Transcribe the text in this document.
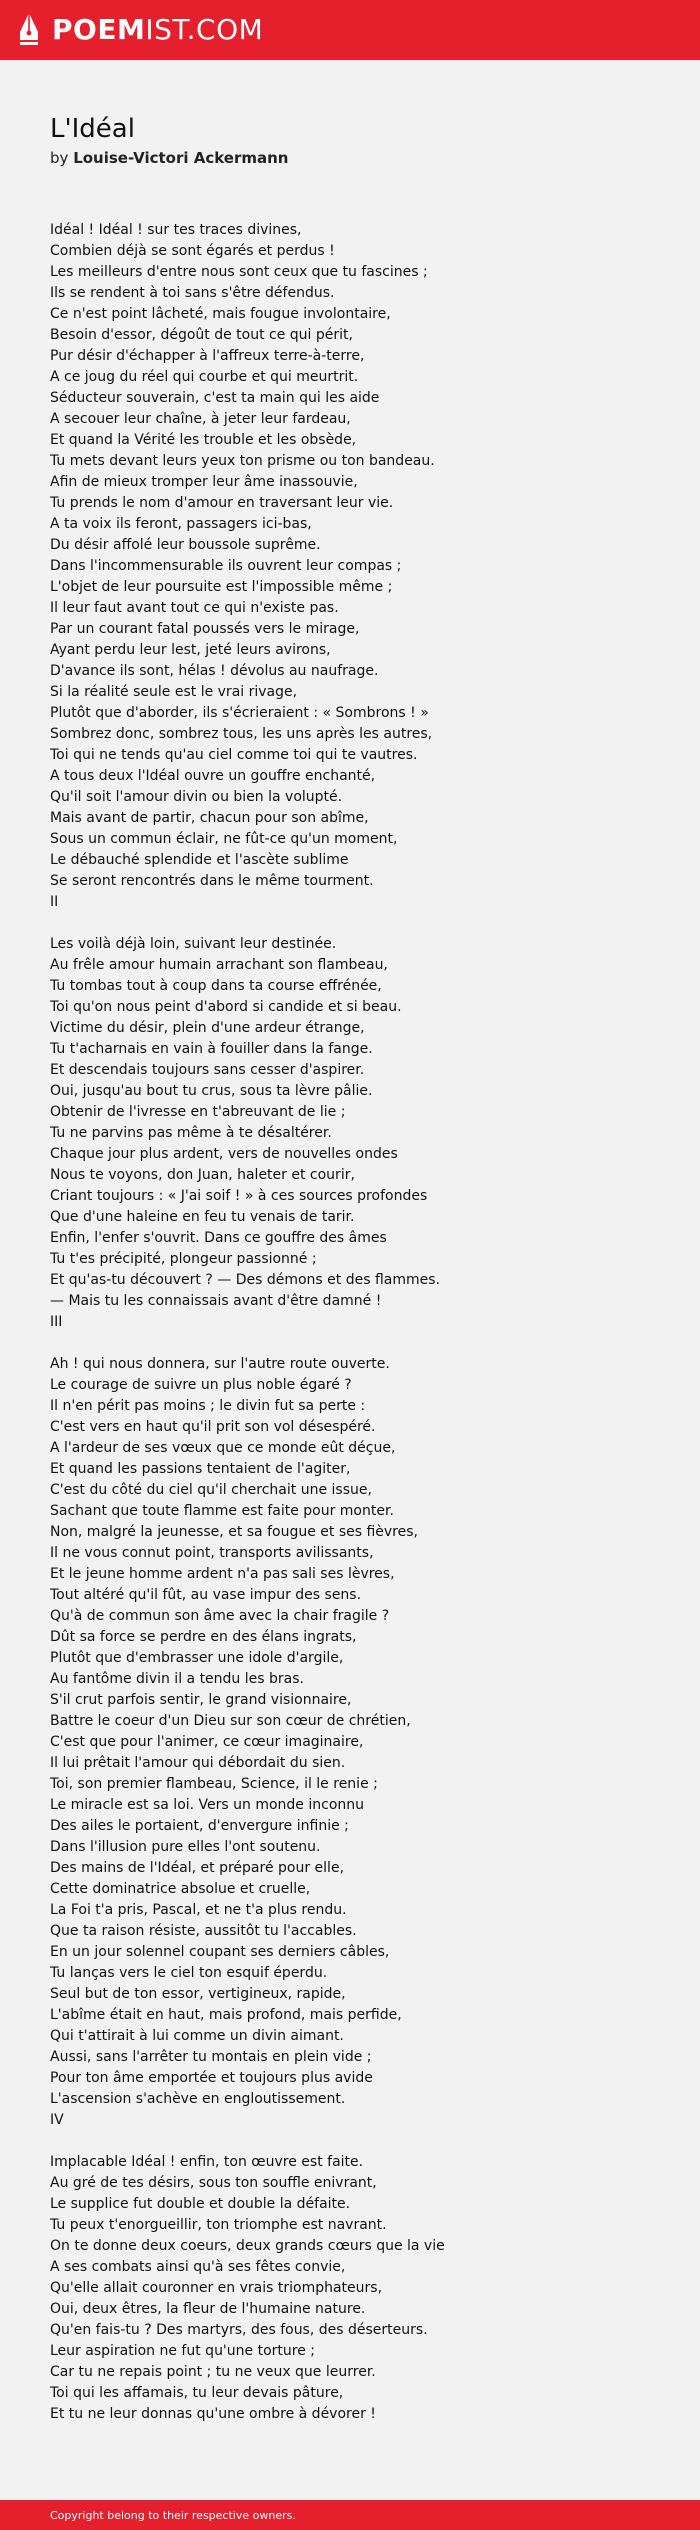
POEMIST.COM
L'Idéal
by Louise-Victori Ackermann
Idéal ! Idéal ! sur tes traces divines,
Combien déjà se sont égarés et perdus !
Les meilleurs d'entre nous sont ceux que tu fascines ;
Ils se rendent à toi sans s'être défendus.
Ce n'est point lâcheté, mais fougue involontaire,
Besoin d'essor, dégoût de tout ce qui périt,
Pur désir d'échapper à l'affreux terre-à-terre,
A ce joug du réel qui courbe et qui meurtrit.
Séducteur souverain, c'est ta main qui les aide
A secouer leur chaîne, à jeter leur fardeau,
Et quand la Vérité les trouble et les obsède,
Tu mets devant leurs yeux ton prisme ou ton bandeau.
Afin de mieux tromper leur âme inassouvie,
Tu prends le nom d'amour en traversant leur vie.
A ta voix ils feront, passagers ici-bas,
Du désir affolé leur boussole suprême.
Dans l'incommensurable ils ouvrent leur compas ;
L'objet de leur poursuite est l'impossible même ;
Il leur faut avant tout ce qui n'existe pas.
Par un courant fatal poussés vers le mirage,
Ayant perdu leur lest, jeté leurs avirons,
D'avance ils sont, hélas ! dévolus au naufrage.
Si la réalité seule est le vrai rivage,
Plutôt que d'aborder, ils s'écrieraient : « Sombrons ! »
Sombrez donc, sombrez tous, les uns après les autres,
Toi qui ne tends qu'au ciel comme toi qui te vautres.
A tous deux l'Idéal ouvre un gouffre enchanté,
Qu'il soit l'amour divin ou bien la volupté.
Mais avant de partir, chacun pour son abîme,
Sous un commun éclair, ne fût-ce qu'un moment,
Le débauché splendide et l'ascète sublime
Se seront rencontrés dans le même tourment.
II
Les voilà déjà loin, suivant leur destinée.
Au frêle amour humain arrachant son flambeau,
Tu tombas tout à coup dans ta course effrénée,
Toi qu'on nous peint d'abord si candide et si beau.
Victime du désir, plein d'une ardeur étrange,
Tu t'acharnais en vain à fouiller dans la fange.
Et descendais toujours sans cesser d'aspirer.
Oui, jusqu'au bout tu crus, sous ta lèvre pâlie.
Obtenir de l'ivresse en t'abreuvant de lie ;
Tu ne parvins pas même à te désaltérer.
Chaque jour plus ardent, vers de nouvelles ondes
Nous te voyons, don Juan, haleter et courir,
Criant toujours : « J'ai soif ! » à ces sources profondes
Que d'une haleine en feu tu venais de tarir.
Enfin, l'enfer s'ouvrit. Dans ce gouffre des âmes
Tu t'es précipité, plongeur passionné ;
Et qu'as-tu découvert ? — Des démons et des flammes.
— Mais tu les connaissais avant d'être damné !
III
Ah ! qui nous donnera, sur l'autre route ouverte.
Le courage de suivre un plus noble égaré ?
Il n'en périt pas moins ; le divin fut sa perte :
C'est vers en haut qu'il prit son vol désespéré.
A l'ardeur de ses vœux que ce monde eût déçue,
Et quand les passions tentaient de l'agiter,
C'est du côté du ciel qu'il cherchait une issue,
Sachant que toute flamme est faite pour monter.
Non, malgré la jeunesse, et sa fougue et ses fièvres,
Il ne vous connut point, transports avilissants,
Et le jeune homme ardent n'a pas sali ses lèvres,
Tout altéré qu'il fût, au vase impur des sens.
Qu'à de commun son âme avec la chair fragile ?
Dût sa force se perdre en des élans ingrats,
Plutôt que d'embrasser une idole d'argile,
Au fantôme divin il a tendu les bras.
S'il crut parfois sentir, le grand visionnaire,
Battre le coeur d'un Dieu sur son cœur de chrétien,
C'est que pour l'animer, ce cœur imaginaire,
Il lui prêtait l'amour qui débordait du sien.
Toi, son premier flambeau, Science, il le renie ;
Le miracle est sa loi. Vers un monde inconnu
Des ailes le portaient, d'envergure infinie ;
Dans l'illusion pure elles l'ont soutenu.
Des mains de l'Idéal, et préparé pour elle,
Cette dominatrice absolue et cruelle,
La Foi t'a pris, Pascal, et ne t'a plus rendu.
Que ta raison résiste, aussitôt tu l'accables.
En un jour solennel coupant ses derniers câbles,
Tu lanças vers le ciel ton esquif éperdu.
Seul but de ton essor, vertigineux, rapide,
L'abîme était en haut, mais profond, mais perfide,
Qui t'attirait à lui comme un divin aimant.
Aussi, sans l'arrêter tu montais en plein vide ;
Pour ton âme emportée et toujours plus avide
L'ascension s'achève en engloutissement.
IV
Implacable Idéal ! enfin, ton œuvre est faite.
Au gré de tes désirs, sous ton souffle enivrant,
Le supplice fut double et double la défaite.
Tu peux t'enorgueillir, ton triomphe est navrant.
On te donne deux coeurs, deux grands cœurs que la vie
A ses combats ainsi qu'à ses fêtes convie,
Qu'elle allait couronner en vrais triomphateurs,
Oui, deux êtres, la fleur de l'humaine nature.
Qu'en fais-tu ? Des martyrs, des fous, des déserteurs.
Leur aspiration ne fut qu'une torture ;
Car tu ne repais point ; tu ne veux que leurrer.
Toi qui les affamais, tu leur devais pâture,
Et tu ne leur donnas qu'une ombre à dévorer !
Copyright belong to their respective owners.
